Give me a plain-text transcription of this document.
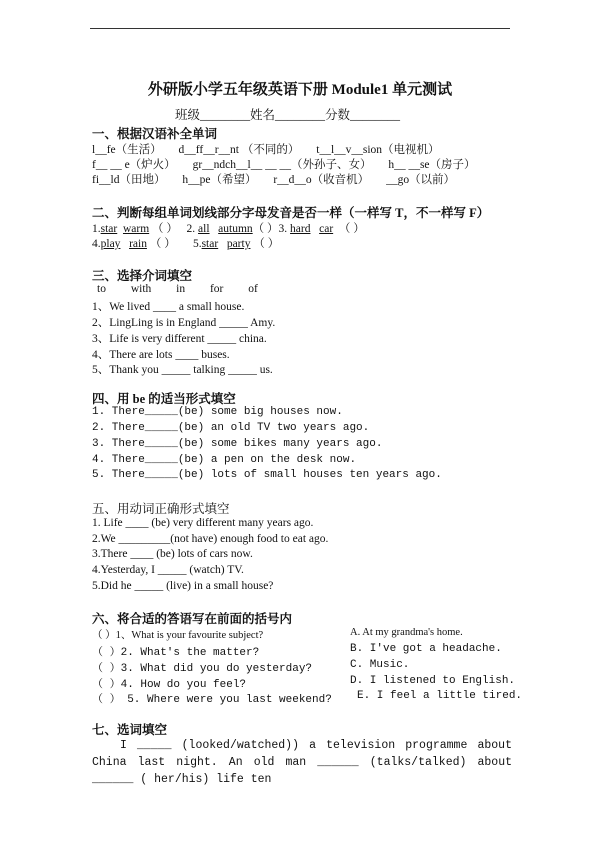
外研版小学五年级英语下册 Module1 单元测试
班级________姓名________分数________
一、根据汉语补全单词
l__fe（生活） d__ff__r__nt （不同的） t__l__v__sion（电视机）
f__ __ e（炉火） gr__ndch__l__ __ __（外孙子、女） h__ __se（房子）
fi__ld（田地） h__pe（希望） r__d__o（收音机） __go（以前）
二、判断每组单词划线部分字母发音是否一样（一样写 T，不一样写 F）
1.star warm （ ） 2. all autumn（ ）3. hard car （ ）
4.play rain （ ） 5.star party （ ）
三、选择介词填空
to with in for of
1、We lived ____ a small house.
2、LingLing is in England _____ Amy.
3、Life is very different _____ china.
4、There are lots ____ buses.
5、Thank you _____ talking _____ us.
四、用 be 的适当形式填空
1. There_____(be) some big houses now.
2. There_____(be) an old TV two years ago.
3. There_____(be) some bikes many years ago.
4. There_____(be) a pen on the desk now.
5. There_____(be) lots of small houses ten years ago.
五、用动词正确形式填空
1. Life ____ (be) very different many years ago.
2.We _________(not have) enough food to eat ago.
3.There ____ (be) lots of cars now.
4.Yesterday, I _____ (watch) TV.
5.Did he _____ (live) in a small house?
六、将合适的答语写在前面的括号内
（ ）1、What is your favourite subject?
（ ）2. What's the matter?
（ ）3. What did you do yesterday?
（ ）4. How do you feel?
（ ） 5. Where were you last weekend?
A. At my grandma's home.
B. I've got a headache.
C. Music.
D. I listened to English.
E. I feel a little tired.
七、选词填空
I _____ (looked/watched)) a television programme about China last night. An old man ______ (talks/talked) about ______ ( her/his) life ten
